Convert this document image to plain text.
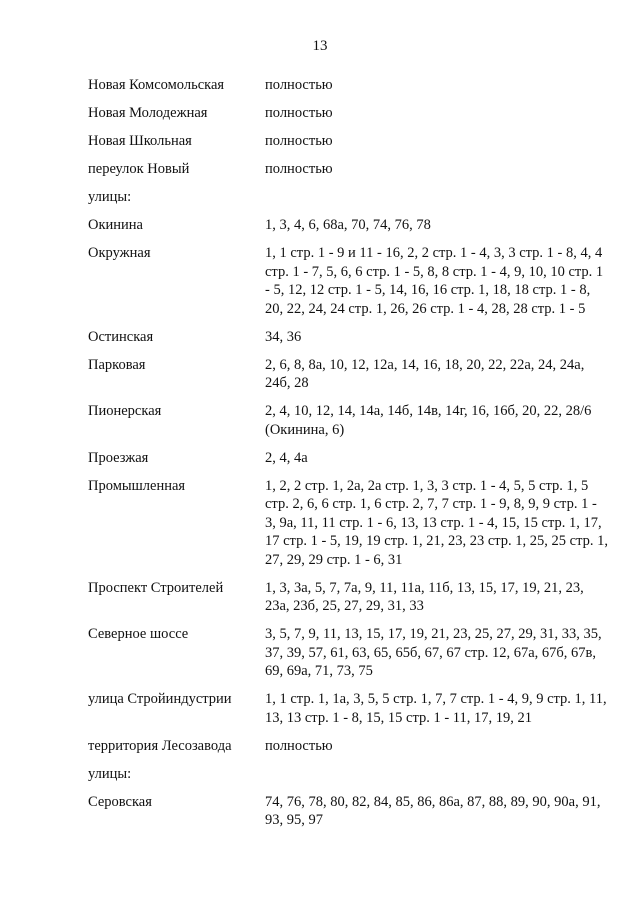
13
Новая Комсомольская	полностью
Новая Молодежная	полностью
Новая Школьная	полностью
переулок Новый	полностью
улицы:
Окинина	1, 3, 4, 6, 68а, 70, 74, 76, 78
Окружная	1, 1 стр. 1 - 9 и 11 - 16, 2, 2 стр. 1 - 4, 3, 3 стр. 1 - 8, 4, 4 стр. 1 - 7, 5, 6, 6 стр. 1 - 5, 8, 8 стр. 1 - 4, 9, 10, 10 стр. 1 - 5, 12, 12 стр. 1 - 5, 14, 16, 16 стр. 1, 18, 18 стр. 1 - 8, 20, 22, 24, 24 стр. 1, 26, 26 стр. 1 - 4, 28, 28 стр. 1 - 5
Остинская	34, 36
Парковая	2, 6, 8, 8а, 10, 12, 12а, 14, 16, 18, 20, 22, 22а, 24, 24а, 24б, 28
Пионерская	2, 4, 10, 12, 14, 14а, 14б, 14в, 14г, 16, 16б, 20, 22, 28/6 (Окинина, 6)
Проезжая	2, 4, 4а
Промышленная	1, 2, 2 стр. 1, 2а, 2а стр. 1, 3, 3 стр. 1 - 4, 5, 5 стр. 1, 5 стр. 2, 6, 6 стр. 1, 6 стр. 2, 7, 7 стр. 1 - 9, 8, 9, 9 стр. 1 - 3, 9а, 11, 11 стр. 1 - 6, 13, 13 стр. 1 - 4, 15, 15 стр. 1, 17, 17 стр. 1 - 5, 19, 19 стр. 1, 21, 23, 23 стр. 1, 25, 25 стр. 1, 27, 29, 29 стр. 1 - 6, 31
Проспект Строителей	1, 3, 3а, 5, 7, 7а, 9, 11, 11а, 11б, 13, 15, 17, 19, 21, 23, 23а, 23б, 25, 27, 29, 31, 33
Северное шоссе	3, 5, 7, 9, 11, 13, 15, 17, 19, 21, 23, 25, 27, 29, 31, 33, 35, 37, 39, 57, 61, 63, 65, 65б, 67, 67 стр. 12, 67а, 67б, 67в, 69, 69а, 71, 73, 75
улица Стройиндустрии	1, 1 стр. 1, 1а, 3, 5, 5 стр. 1, 7, 7 стр. 1 - 4, 9, 9 стр. 1, 11, 13, 13 стр. 1 - 8, 15, 15 стр. 1 - 11, 17, 19, 21
территория Лесозавода	полностью
улицы:
Серовская	74, 76, 78, 80, 82, 84, 85, 86, 86а, 87, 88, 89, 90, 90а, 91, 93, 95, 97
